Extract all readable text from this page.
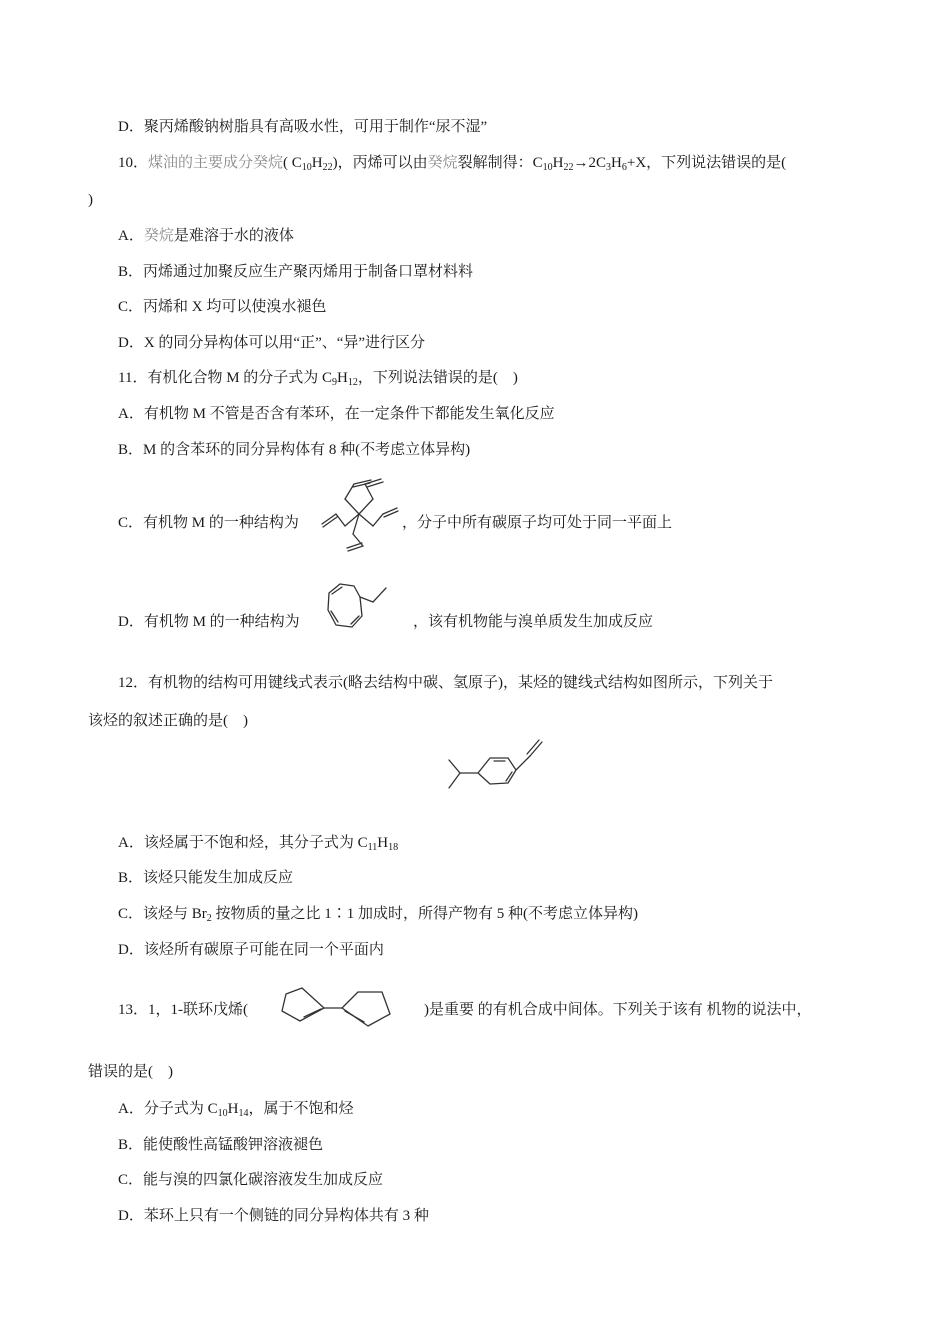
D．聚丙烯酸钠树脂具有高吸水性，可用于制作“尿不湿”
10．煤油的主要成分癸烷( $C_{10}H_{22}$)，丙烯可以由癸烷裂解制得：$C_{10}H_{22}\to 2C_3H_6+X$，下列说法错误的是(
)
A．癸烷是难溶于水的液体
B．丙烯通过加聚反应生产聚丙烯用于制备口罩材料料
C．丙烯和 X 均可以使溴水褪色
D．X 的同分异构体可以用“正”、“异”进行区分
11．有机化合物 M 的分子式为 $C_9H_{12}$，下列说法错误的是(　)
A．有机物 M 不管是否含有苯环，在一定条件下都能发生氧化反应
B．M 的含苯环的同分异构体有 8 种(不考虑立体异构)
C．有机物 M 的一种结构为	，分子中所有碳原子均可处于同一平面上
D．有机物 M 的一种结构为	，该有机物能与溴单质发生加成反应
12．有机物的结构可用键线式表示(略去结构中碳、氢原子)，某烃的键线式结构如图所示，下列关于
该烃的叙述正确的是(　)
A．该烃属于不饱和烃，其分子式为 $C_{11}H_{18}$
B．该烃只能发生加成反应
C．该烃与 $Br_2$ 按物质的量之比 1∶1 加成时，所得产物有 5 种(不考虑立体异构)
D．该烃所有碳原子可能在同一个平面内
13．1，1-联环戊烯(	)是重要 的有机合成中间体。下列关于该有 机物的说法中，
错误的是(　)
A．分子式为 $C_{10}H_{14}$，属于不饱和烃
B．能使酸性高锰酸钾溶液褪色
C．能与溴的四氯化碳溶液发生加成反应
D．苯环上只有一个侧链的同分异构体共有 3 种
